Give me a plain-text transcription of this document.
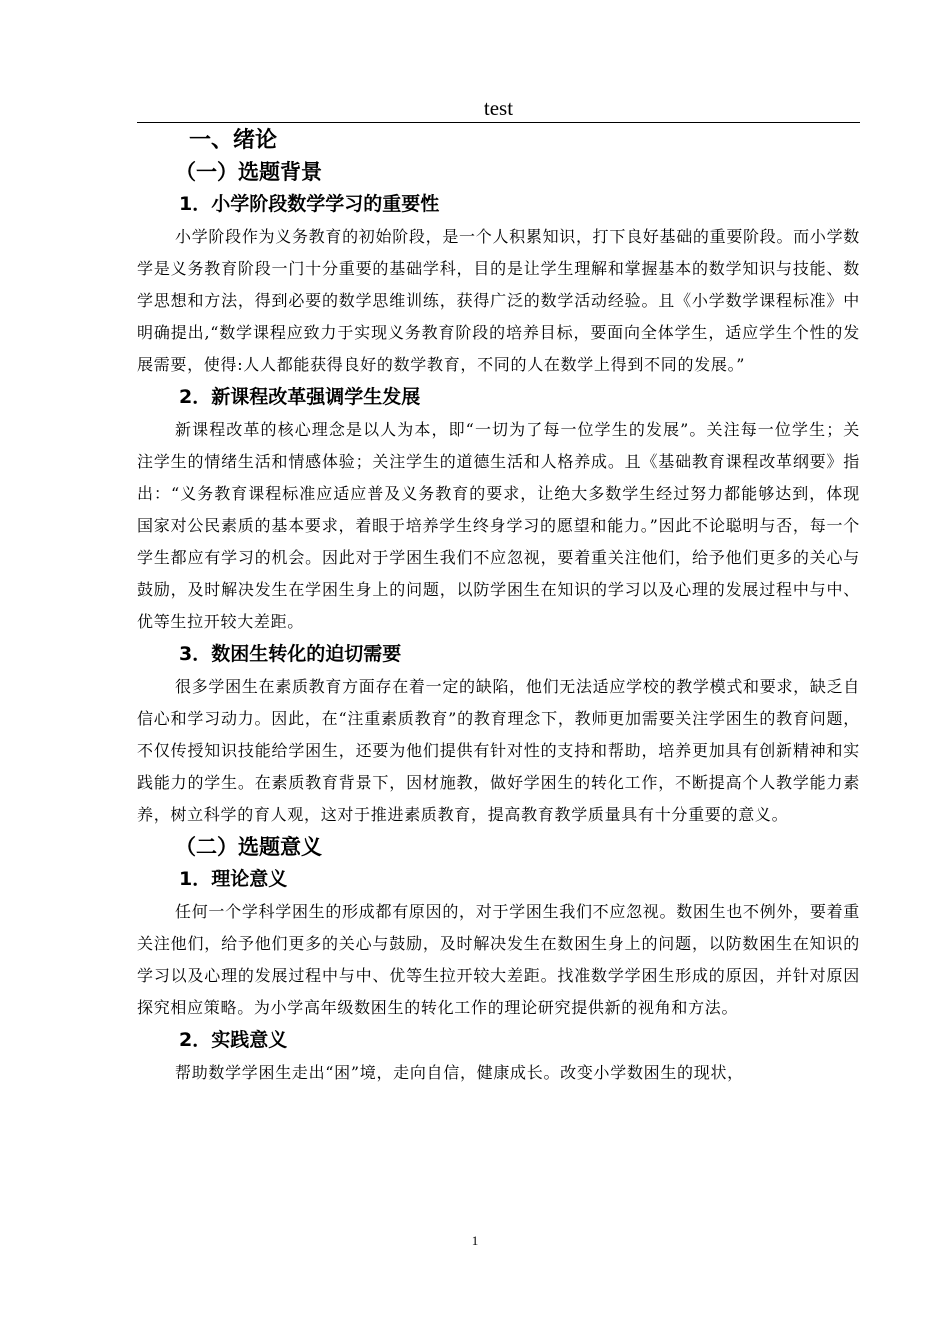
test
一、绪论
（一）选题背景
1．小学阶段数学学习的重要性

小学阶段作为义务教育的初始阶段，是一个人积累知识，打下良好基础的重要阶段。而小学数学是义务教育阶段一门十分重要的基础学科，目的是让学生理解和掌握基本的数学知识与技能、数学思想和方法，得到必要的数学思维训练，获得广泛的数学活动经验。且《小学数学课程标准》中明确提出,“数学课程应致力于实现义务教育阶段的培养目标，要面向全体学生，适应学生个性的发展需要，使得:人人都能获得良好的数学教育，不同的人在数学上得到不同的发展。”

2．新课程改革强调学生发展

新课程改革的核心理念是以人为本，即“一切为了每一位学生的发展”。关注每一位学生；关注学生的情绪生活和情感体验；关注学生的道德生活和人格养成。且《基础教育课程改革纲要》指出：“义务教育课程标准应适应普及义务教育的要求，让绝大多数学生经过努力都能够达到，体现国家对公民素质的基本要求，着眼于培养学生终身学习的愿望和能力。”因此不论聪明与否，每一个学生都应有学习的机会。因此对于学困生我们不应忽视，要着重关注他们，给予他们更多的关心与鼓励，及时解决发生在学困生身上的问题，以防学困生在知识的学习以及心理的发展过程中与中、优等生拉开较大差距。

3．数困生转化的迫切需要

很多学困生在素质教育方面存在着一定的缺陷，他们无法适应学校的教学模式和要求，缺乏自信心和学习动力。因此，在“注重素质教育”的教育理念下，教师更加需要关注学困生的教育问题，不仅传授知识技能给学困生，还要为他们提供有针对性的支持和帮助，培养更加具有创新精神和实践能力的学生。在素质教育背景下，因材施教，做好学困生的转化工作，不断提高个人教学能力素养，树立科学的育人观，这对于推进素质教育，提高教育教学质量具有十分重要的意义。

（二）选题意义
1．理论意义

任何一个学科学困生的形成都有原因的，对于学困生我们不应忽视。数困生也不例外，要着重关注他们，给予他们更多的关心与鼓励，及时解决发生在数困生身上的问题，以防数困生在知识的学习以及心理的发展过程中与中、优等生拉开较大差距。找准数学学困生形成的原因，并针对原因探究相应策略。为小学高年级数困生的转化工作的理论研究提供新的视角和方法。

2．实践意义

帮助数学学困生走出“困”境，走向自信，健康成长。改变小学数困生的现状，

1
